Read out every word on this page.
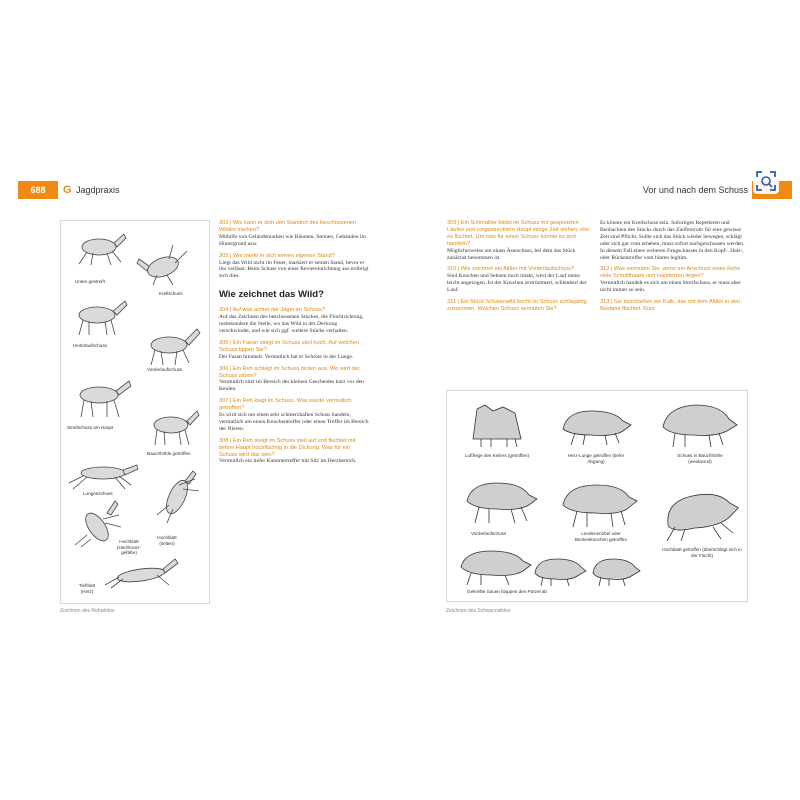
688	G Jagdpraxis	Vor und nach dem Schuss
Unten gestreift
Krellschuss
Hinterlaufschuss
Vorderlaufschuss
Streifschuss am Haupt
Bauchhöhle getroffen
Lungenschuss
Hochblatt (Herzkranz-gefäße)
Hochblatt (selten)
Tiefblatt (Herz)
Zeichnen des Rehwildes
302 | Wie kann er sich den Standort des beschossenen Wildes merken?
Mithilfe von Geländemarken wie Bäumen, Steinen, Gebäuden im Hintergrund usw.
303 | Wie merkt er sich seinen eigenen Stand?
Liegt das Wild nicht im Feuer, markiert er seinen Stand, bevor er ihn verlässt. Beim Schuss von einer Reviereinrichtung aus erübrigt sich dies.
Wie zeichnet das Wild?
304 | Auf was achtet der Jäger im Schuss?
Auf das Zeichnen des beschossenen Stückes, die Fluchtrichtung, insbesondere die Stelle, wo das Wild in der Deckung verschwindet, und wie sich ggf. weitere Stücke verhalten.
305 | Ein Fasan steigt im Schuss steil hoch. Auf welchen Schuss tippen Sie?
Der Fasan himmelt. Vermutlich hat er Schrote in der Lunge.
306 | Ein Reh schlägt im Schuss hinten aus. Wo wird der Schuss sitzen?
Vermutlich sitzt im Bereich des kleinen Gescheides kurz vor den Keulen.
307 | Ein Reh klagt im Schuss. Was wurde vermutlich getroffen?
Es wird sich um einen sehr schmerzhaften Schuss handeln, vermutlich um einen Knochentreffer oder einen Treffer im Bereich der Nieren.
308 | Ein Reh steigt im Schuss steil auf und flüchtet mit tiefem Haupt hochflüchtig in die Dickung. Was für ein Schuss wird das sein?
Vermutlich ein tiefer Kammertreffer mit Sitz im Herzbereich.
309 | Ein Schmaltier bleibt im Schuss mit gespreizten Läufen und vorgestrecktem Haupt einige Zeit stehen, ehe es flüchtet. Um was für einen Schuss könnte es sich handeln?
Möglicherweise um einen Äserschuss, bei dem das Stück zunächst benommen ist.
310 | Wie zeichnet ein Alttier mit Vorderlaufschuss?
Sind Knochen und Sehnen noch intakt, wird der Lauf meist leicht angezogen. Ist der Knochen zertrümmert, schlenkert der Lauf.
311 | Ein Stück Schalenwild bricht im Schuss schlagartig zusammen. Welchen Schuss vermuten Sie?
Es könnte ein Krellschuss sein. Sofortiges Repetieren und Beobachten des Stücks durch das Zielfernrohr für eine gewisse Zeit sind Pflicht. Sollte sich das Stück wieder bewegen, schlägt oder sich gar vom erheben, muss sofort nachgeschossen werden. In diesem Fall eines weiteren Fangschusses in den Kopf-, Hals-, oder Rückentreffer vom hinten legitim.
312 | Was vermuten Sie, wenn am Anschuss eines Rehs viele Schnitthaare und Hautfetzen liegen?
Vermutlich handelt es sich um einen Streifschuss, er muss aber nicht immer so sein.
313 | Sie beschießen ein Kalb, das mit dem Alttier in den Bestand flüchtet. Kurz
Luftfeige des Keilers (getroffen)	Herz-Lunge getroffen (tiefer Abgang)
Schuss in Bauchhöhle (weidwund)
Vorderlaufschuss	Lendensnobel oder Beckenknochen getroffen
Hochblatt getroffen (überschlägt sich in der Flucht)
Gekrellte Sauen klappen den Pürzel ab
Zeichnen des Schwarzwildes
